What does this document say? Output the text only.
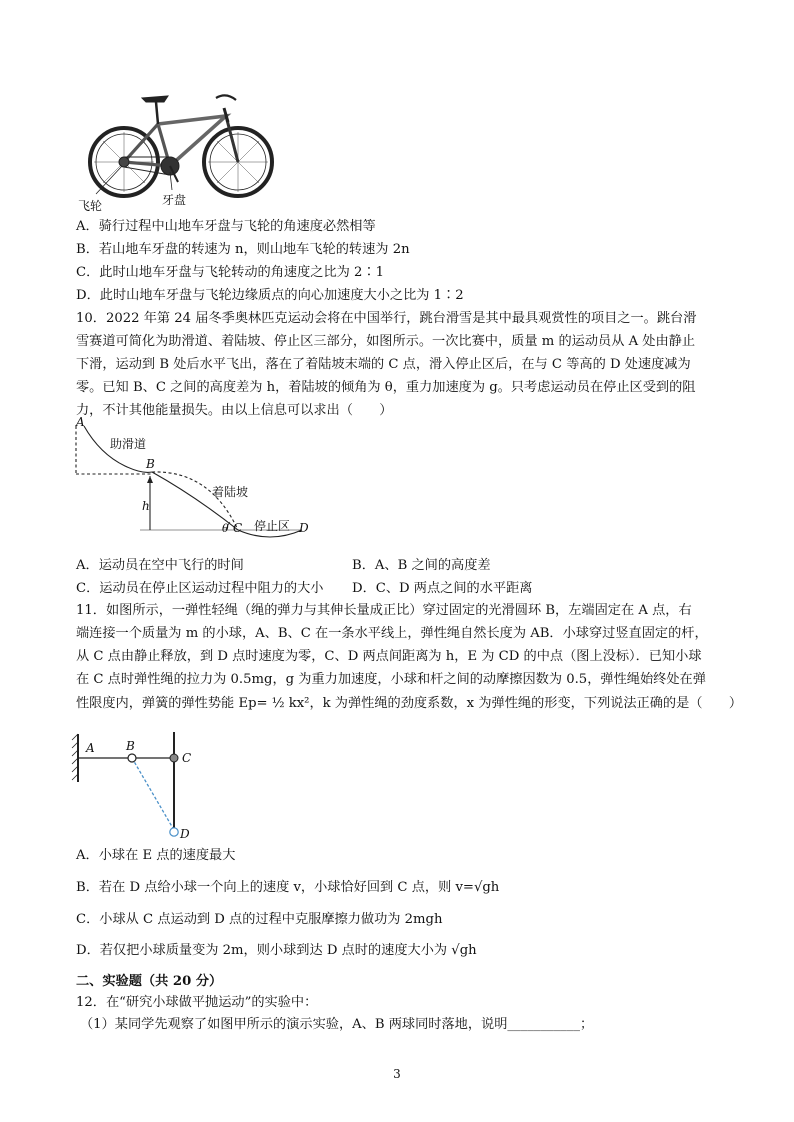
飞轮	牙盘
A．骑行过程中山地车牙盘与飞轮的角速度必然相等
B．若山地车牙盘的转速为 n，则山地车飞轮的转速为 2n
C．此时山地车牙盘与飞轮转动的角速度之比为 2∶1
D．此时山地车牙盘与飞轮边缘质点的向心加速度大小之比为 1∶2
10．2022 年第 24 届冬季奥林匹克运动会将在中国举行，跳台滑雪是其中最具观赏性的项目之一。跳台滑
雪赛道可简化为助滑道、着陆坡、停止区三部分，如图所示。一次比赛中，质量 m 的运动员从 A 处由静止
下滑，运动到 B 处后水平飞出，落在了着陆坡末端的 C 点，滑入停止区后，在与 C 等高的 D 处速度减为
零。已知 B、C 之间的高度差为 h，着陆坡的倾角为 θ，重力加速度为 g。只考虑运动员在停止区受到的阻
力，不计其他能量损失。由以上信息可以求出（　　）
A
助滑道
B
着陆坡
h
θ C 停止区 D
A．运动员在空中飞行的时间	B．A、B 之间的高度差
C．运动员在停止区运动过程中阻力的大小	D．C、D 两点之间的水平距离
11．如图所示，一弹性轻绳（绳的弹力与其伸长量成正比）穿过固定的光滑圆环 B，左端固定在 A 点，右
端连接一个质量为 m 的小球，A、B、C 在一条水平线上，弹性绳自然长度为 AB．小球穿过竖直固定的杆，
从 C 点由静止释放，到 D 点时速度为零，C、D 两点间距离为 h，E 为 CD 的中点（图上没标）．已知小球
在 C 点时弹性绳的拉力为 0.5mg，g 为重力加速度，小球和杆之间的动摩擦因数为 0.5，弹性绳始终处在弹
性限度内，弹簧的弹性势能 Ep= ½ kx²，k 为弹性绳的劲度系数，x 为弹性绳的形变，下列说法正确的是（　　）
A	B
C
D
A．小球在 E 点的速度最大
B．若在 D 点给小球一个向上的速度 v，小球恰好回到 C 点，则 v=√gh
C．小球从 C 点运动到 D 点的过程中克服摩擦力做功为 2mgh
D．若仅把小球质量变为 2m，则小球到达 D 点时的速度大小为 √gh
二、实验题（共 20 分）
12．在“研究小球做平抛运动”的实验中：
（1）某同学先观察了如图甲所示的演示实验，A、B 两球同时落地，说明___________；
3
